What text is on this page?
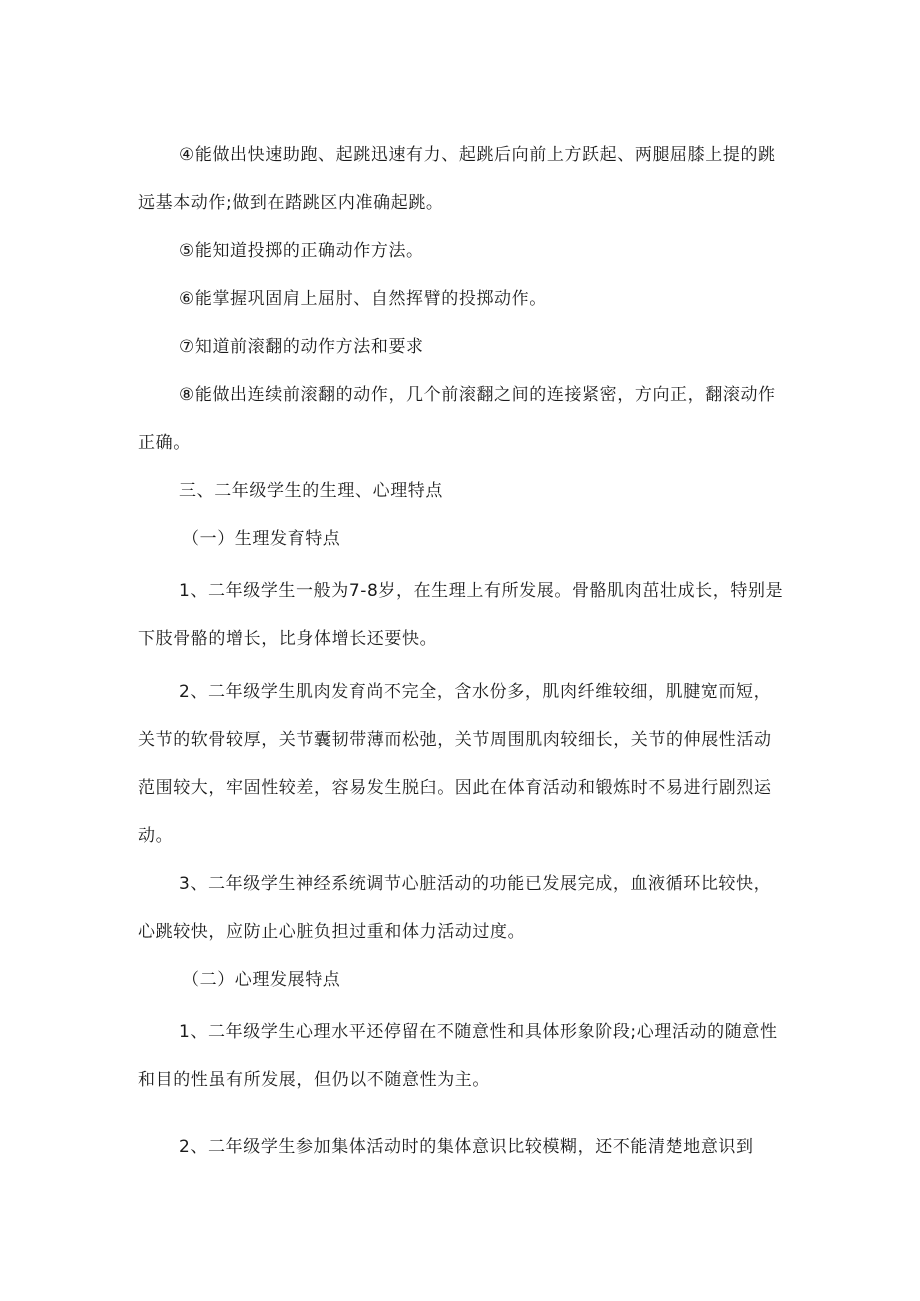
④能做出快速助跑、起跳迅速有力、起跳后向前上方跃起、两腿屈膝上提的跳远基本动作;做到在踏跳区内准确起跳。

⑤能知道投掷的正确动作方法。

⑥能掌握巩固肩上屈肘、自然挥臂的投掷动作。

⑦知道前滚翻的动作方法和要求

⑧能做出连续前滚翻的动作，几个前滚翻之间的连接紧密，方向正，翻滚动作正确。

三、二年级学生的生理、心理特点

（一）生理发育特点

1、二年级学生一般为7-8岁，在生理上有所发展。骨骼肌肉茁壮成长，特别是下肢骨骼的增长，比身体增长还要快。

2、二年级学生肌肉发育尚不完全，含水份多，肌肉纤维较细，肌腱宽而短，关节的软骨较厚，关节囊韧带薄而松弛，关节周围肌肉较细长，关节的伸展性活动范围较大，牢固性较差，容易发生脱臼。因此在体育活动和锻炼时不易进行剧烈运动。

3、二年级学生神经系统调节心脏活动的功能已发展完成，血液循环比较快，心跳较快，应防止心脏负担过重和体力活动过度。

（二）心理发展特点

1、二年级学生心理水平还停留在不随意性和具体形象阶段;心理活动的随意性和目的性虽有所发展，但仍以不随意性为主。

2、二年级学生参加集体活动时的集体意识比较模糊，还不能清楚地意识到
